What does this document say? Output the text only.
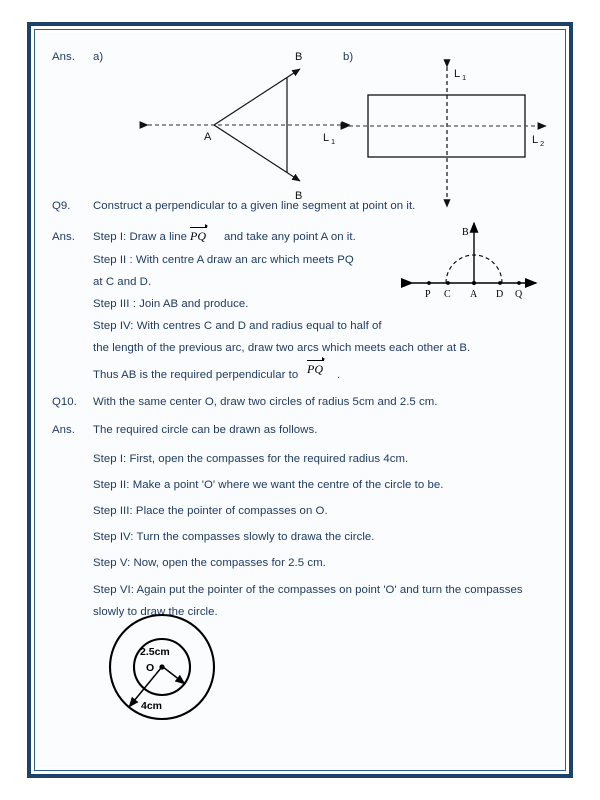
Ans. a)	b)
A
B
B
L 1
L 1
L 2
Q9. Construct a perpendicular to a given line segment at point on it.
Ans. Step I: Draw a line PQ and take any point A on it.
Step II : With centre A draw an arc which meets PQ
at C and D.
Step III : Join AB and produce.
Step IV: With centres C and D and radius equal to half of
the length of the previous arc, draw two arcs which meets each other at B.
Thus AB is the required perpendicular to PQ .
P C A D Q
B
Q10. With the same center O, draw two circles of radius 5cm and 2.5 cm.
Ans. The required circle can be drawn as follows.
Step I: First, open the compasses for the required radius 4cm.
Step II: Make a point 'O' where we want the centre of the circle to be.
Step III: Place the pointer of compasses on O.
Step IV: Turn the compasses slowly to drawa the circle.
Step V: Now, open the compasses for 2.5 cm.
Step VI: Again put the pointer of the compasses on point 'O' and turn the compasses
slowly to draw the circle.
2.5cm
O
4cm
